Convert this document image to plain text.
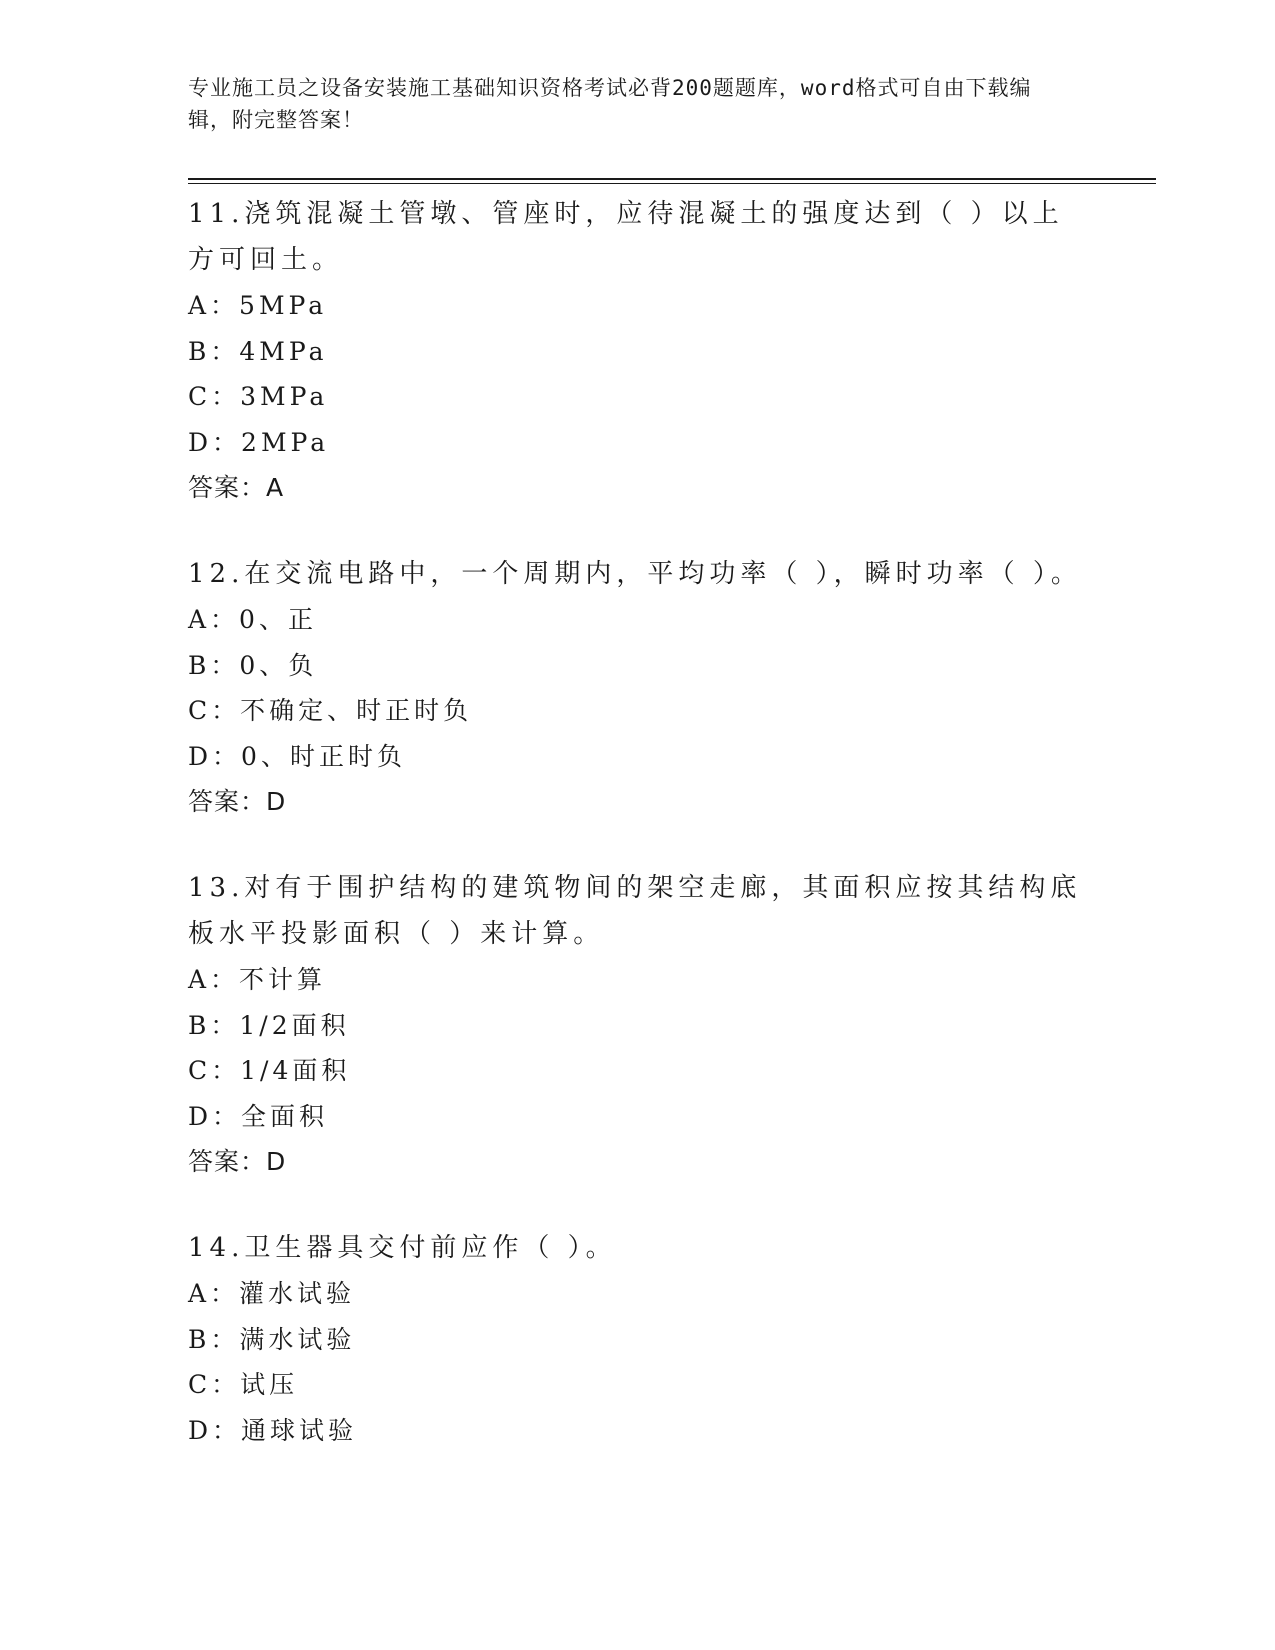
专业施工员之设备安装施工基础知识资格考试必背200题题库，word格式可自由下载编辑，附完整答案！
11.浇筑混凝土管墩、管座时，应待混凝土的强度达到（ ）以上方可回土。
A：5MPa
B：4MPa
C：3MPa
D：2MPa
答案：A
12.在交流电路中，一个周期内，平均功率（ ），瞬时功率（ ）。
A：0、正
B：0、负
C：不确定、时正时负
D：0、时正时负
答案：D
13.对有于围护结构的建筑物间的架空走廊，其面积应按其结构底板水平投影面积（ ）来计算。
A：不计算
B：1/2面积
C：1/4面积
D：全面积
答案：D
14.卫生器具交付前应作（ ）。
A：灌水试验
B：满水试验
C：试压
D：通球试验
